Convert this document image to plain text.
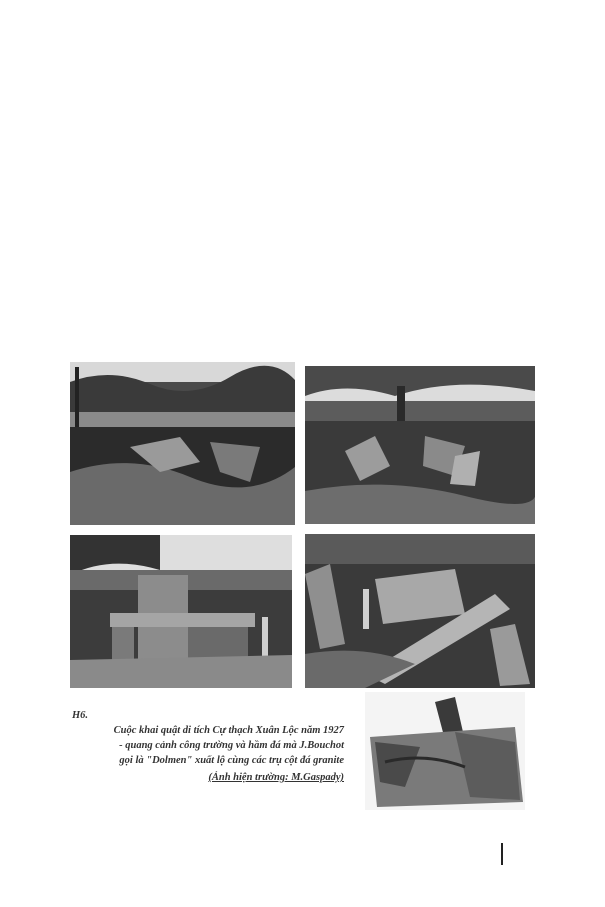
H6.
Cuộc khai quật di tích Cự thạch Xuân Lộc năm 1927
- quang cảnh công trường và hầm đá mà J.Bouchot
gọi là "Dolmen" xuất lộ cùng các trụ cột đá granite
(Ảnh hiện trường: M.Gaspady)
